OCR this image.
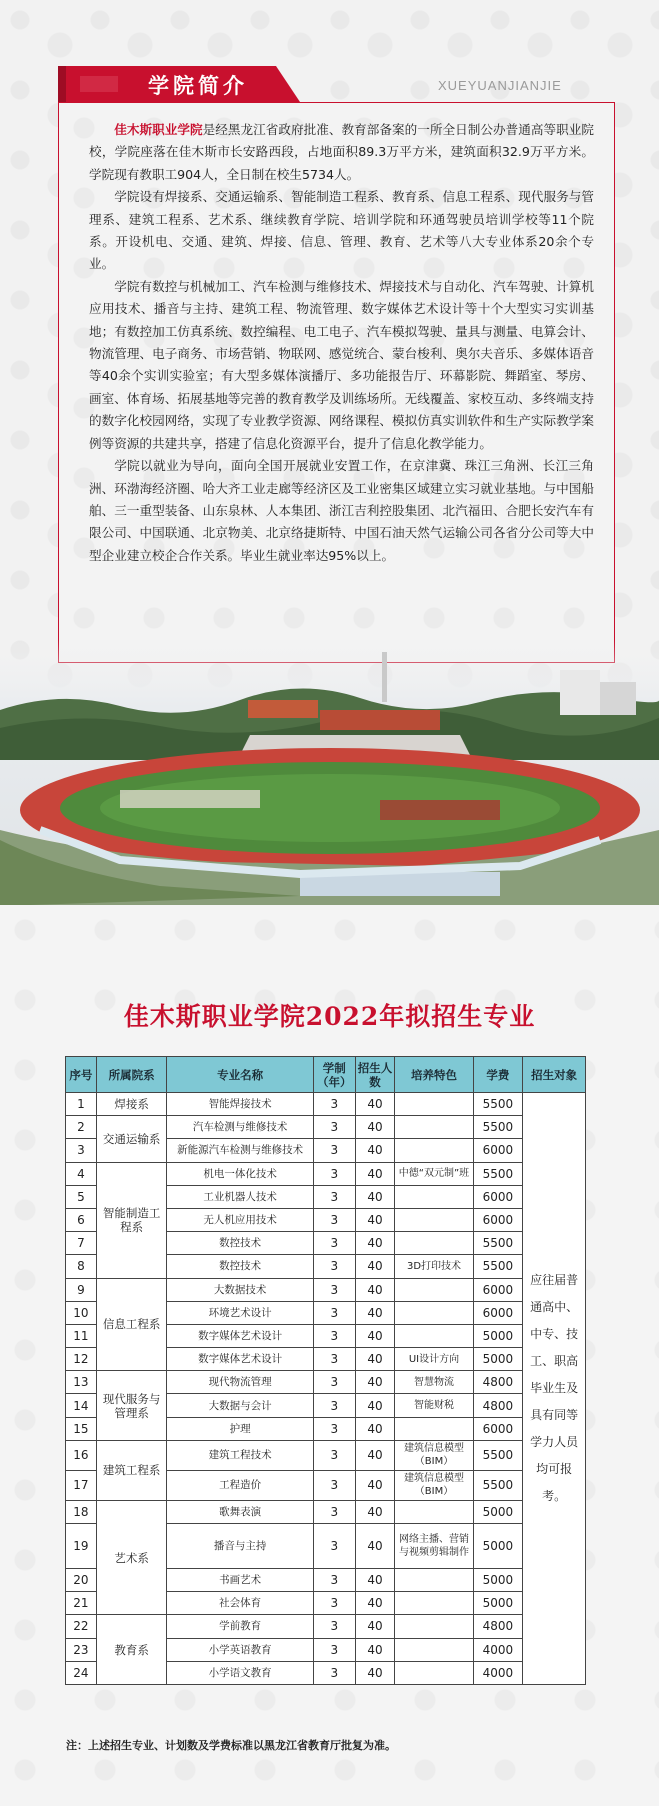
学院简介	XUEYUANJIANJIE

佳木斯职业学院是经黑龙江省政府批准、教育部备案的一所全日制公办普通高等职业院校，学院座落在佳木斯市长安路西段，占地面积89.3万平方米，建筑面积32.9万平方米。学院现有教职工904人，全日制在校生5734人。

学院设有焊接系、交通运输系、智能制造工程系、教育系、信息工程系、现代服务与管理系、建筑工程系、艺术系、继续教育学院、培训学院和环通驾驶员培训学校等11个院系。开设机电、交通、建筑、焊接、信息、管理、教育、艺术等八大专业体系20余个专业。

学院有数控与机械加工、汽车检测与维修技术、焊接技术与自动化、汽车驾驶、计算机应用技术、播音与主持、建筑工程、物流管理、数字媒体艺术设计等十个大型实习实训基地；有数控加工仿真系统、数控编程、电工电子、汽车模拟驾驶、量具与测量、电算会计、物流管理、电子商务、市场营销、物联网、感觉统合、蒙台梭利、奥尔夫音乐、多媒体语音等40余个实训实验室；有大型多媒体演播厅、多功能报告厅、环幕影院、舞蹈室、琴房、画室、体育场、拓展基地等完善的教育教学及训练场所。无线覆盖、家校互动、多终端支持的数字化校园网络，实现了专业教学资源、网络课程、模拟仿真实训软件和生产实际教学案例等资源的共建共享，搭建了信息化资源平台，提升了信息化教学能力。

学院以就业为导向，面向全国开展就业安置工作，在京津冀、珠江三角洲、长江三角洲、环渤海经济圈、哈大齐工业走廊等经济区及工业密集区域建立实习就业基地。与中国船舶、三一重型装备、山东泉林、人本集团、浙江吉利控股集团、北汽福田、合肥长安汽车有限公司、中国联通、北京物美、北京络捷斯特、中国石油天然气运输公司各省分公司等大中型企业建立校企合作关系。毕业生就业率达95%以上。

佳木斯职业学院2022年拟招生专业
序号	所属院系	专业名称	学制（年）	招生人数	培养特色	学费	招生对象
1	焊接系	智能焊接技术	3	40		5500	应往届普通高中、中专、技工、职高毕业生及具有同等学力人员均可报考。
2	交通运输系	汽车检测与维修技术	3	40		5500	
3		新能源汽车检测与维修技术	3	40		6000	
4	智能制造工程系	机电一体化技术	3	40	中德“双元制”班	5500	
5		工业机器人技术	3	40		6000	
6		无人机应用技术	3	40		6000	
7		数控技术	3	40		5500	
8		数控技术	3	40	3D打印技术	5500	
9	信息工程系	大数据技术	3	40		6000	
10		环境艺术设计	3	40		6000	
11		数字媒体艺术设计	3	40		5000	
12		数字媒体艺术设计	3	40	UI设计方向	5000	
13	现代服务与管理系	现代物流管理	3	40	智慧物流	4800	
14		大数据与会计	3	40	智能财税	4800	
15		护理	3	40		6000	
16	建筑工程系	建筑工程技术	3	40	建筑信息模型（BIM）	5500	
17		工程造价	3	40	建筑信息模型（BIM）	5500	
18	艺术系	歌舞表演	3	40		5000	
19		播音与主持	3	40	网络主播、营销与视频剪辑制作	5000	
20		书画艺术	3	40		5000	
21		社会体育	3	40		5000	
22	教育系	学前教育	3	40		4800	
23		小学英语教育	3	40		4000	
24		小学语文教育	3	40		4000	
注：上述招生专业、计划数及学费标准以黑龙江省教育厅批复为准。
